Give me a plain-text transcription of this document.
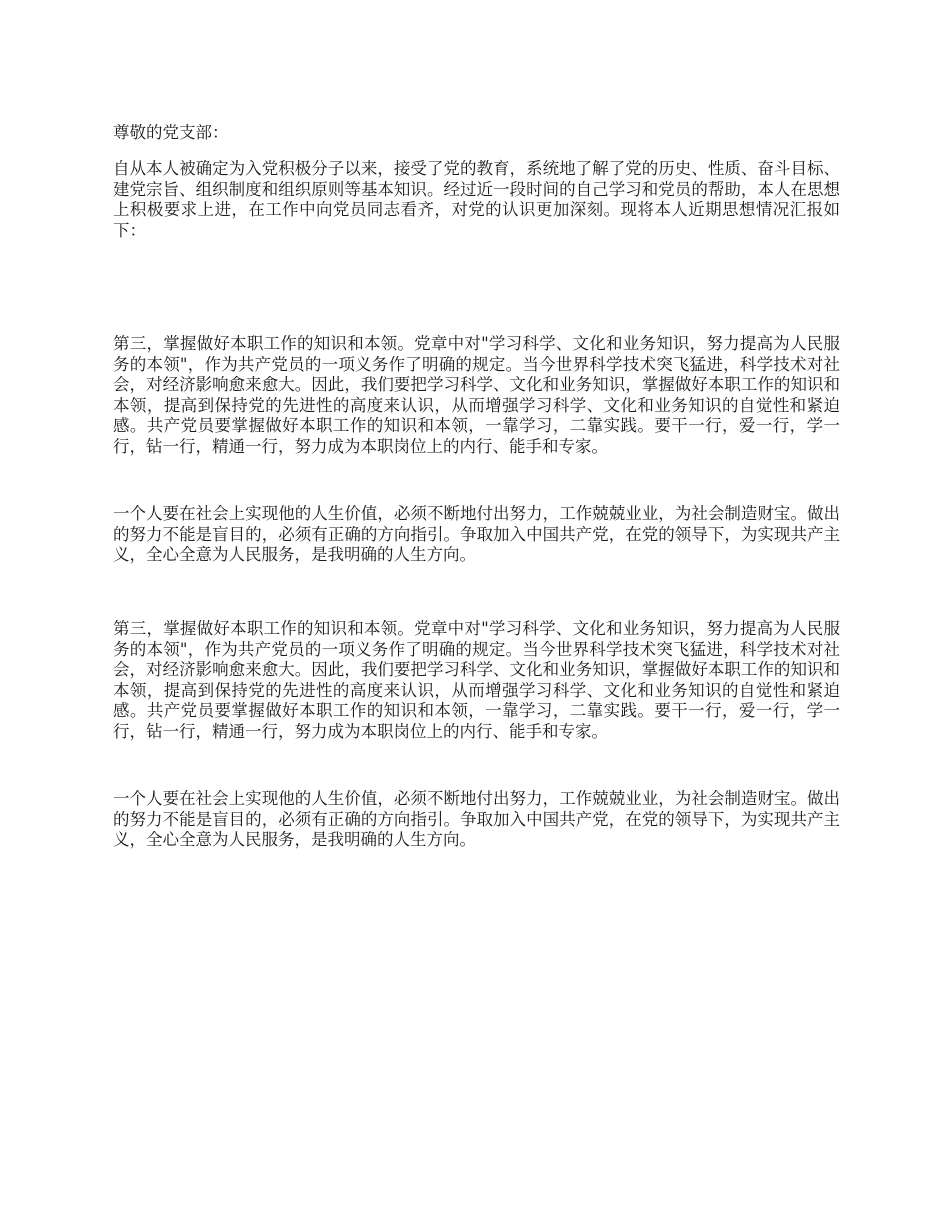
尊敬的党支部：

自从本人被确定为入党积极分子以来，接受了党的教育，系统地了解了党的历史、性质、奋斗目标、建党宗旨、组织制度和组织原则等基本知识。经过近一段时间的自己学习和党员的帮助，本人在思想上积极要求上进，在工作中向党员同志看齐，对党的认识更加深刻。现将本人近期思想情况汇报如下：

第三，掌握做好本职工作的知识和本领。党章中对"学习科学、文化和业务知识，努力提高为人民服务的本领"，作为共产党员的一项义务作了明确的规定。当今世界科学技术突飞猛进，科学技术对社会，对经济影响愈来愈大。因此，我们要把学习科学、文化和业务知识，掌握做好本职工作的知识和本领，提高到保持党的先进性的高度来认识，从而增强学习科学、文化和业务知识的自觉性和紧迫感。共产党员要掌握做好本职工作的知识和本领，一靠学习，二靠实践。要干一行，爱一行，学一行，钻一行，精通一行，努力成为本职岗位上的内行、能手和专家。

一个人要在社会上实现他的人生价值，必须不断地付出努力，工作兢兢业业，为社会制造财宝。做出的努力不能是盲目的，必须有正确的方向指引。争取加入中国共产党，在党的领导下，为实现共产主义，全心全意为人民服务，是我明确的人生方向。

第三，掌握做好本职工作的知识和本领。党章中对"学习科学、文化和业务知识，努力提高为人民服务的本领"，作为共产党员的一项义务作了明确的规定。当今世界科学技术突飞猛进，科学技术对社会，对经济影响愈来愈大。因此，我们要把学习科学、文化和业务知识，掌握做好本职工作的知识和本领，提高到保持党的先进性的高度来认识，从而增强学习科学、文化和业务知识的自觉性和紧迫感。共产党员要掌握做好本职工作的知识和本领，一靠学习，二靠实践。要干一行，爱一行，学一行，钻一行，精通一行，努力成为本职岗位上的内行、能手和专家。

一个人要在社会上实现他的人生价值，必须不断地付出努力，工作兢兢业业，为社会制造财宝。做出的努力不能是盲目的，必须有正确的方向指引。争取加入中国共产党，在党的领导下，为实现共产主义，全心全意为人民服务，是我明确的人生方向。
